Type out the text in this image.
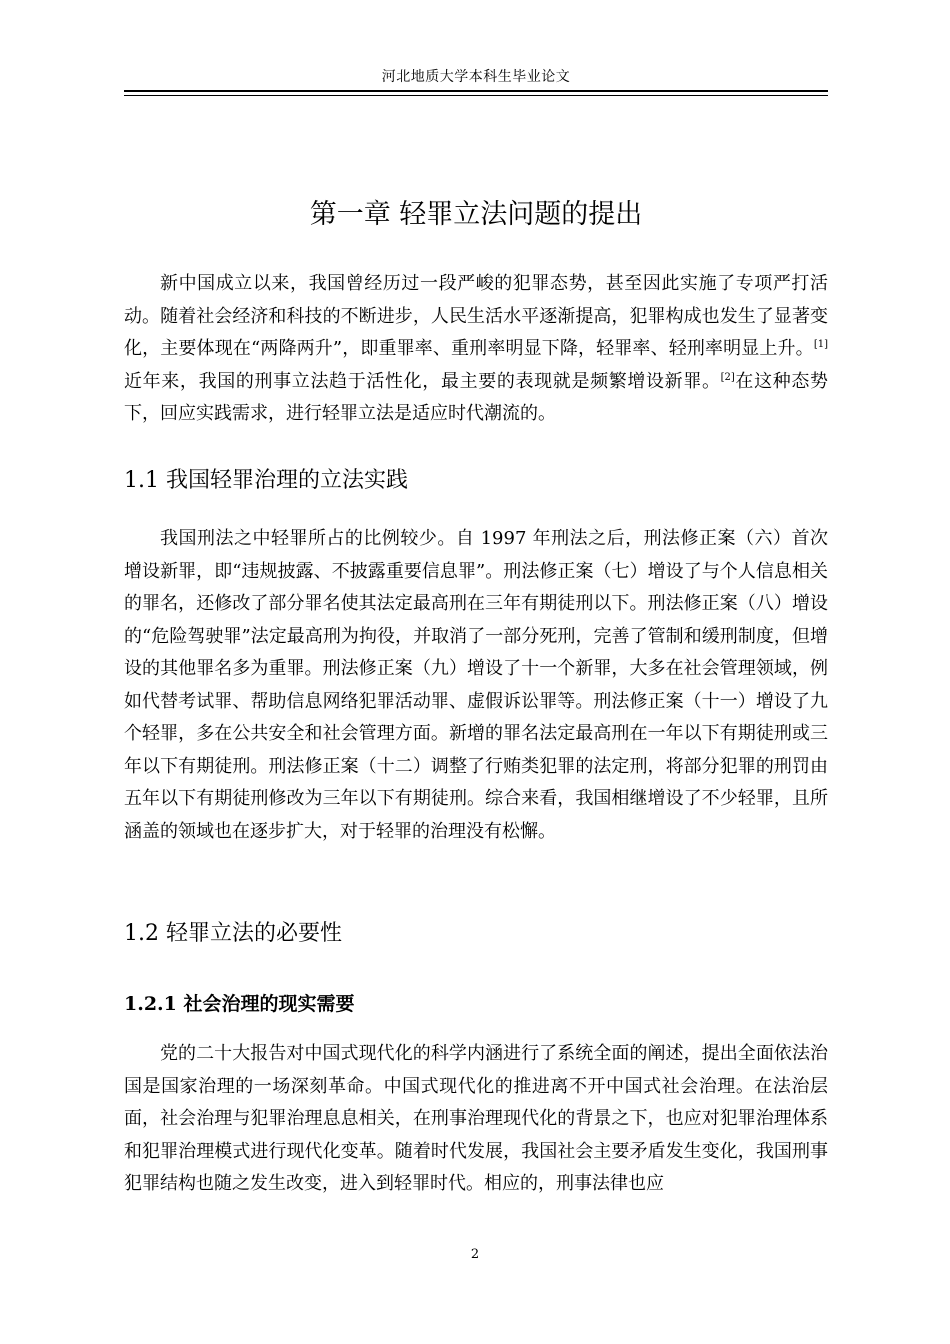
河北地质大学本科生毕业论文
第一章 轻罪立法问题的提出

新中国成立以来，我国曾经历过一段严峻的犯罪态势，甚至因此实施了专项严打活动。随着社会经济和科技的不断进步，人民生活水平逐渐提高，犯罪构成也发生了显著变化，主要体现在“两降两升”，即重罪率、重刑率明显下降，轻罪率、轻刑率明显上升。[1]近年来，我国的刑事立法趋于活性化，最主要的表现就是频繁增设新罪。[2]在这种态势下，回应实践需求，进行轻罪立法是适应时代潮流的。

1.1 我国轻罪治理的立法实践

我国刑法之中轻罪所占的比例较少。自 1997 年刑法之后，刑法修正案（六）首次增设新罪，即“违规披露、不披露重要信息罪”。刑法修正案（七）增设了与个人信息相关的罪名，还修改了部分罪名使其法定最高刑在三年有期徒刑以下。刑法修正案（八）增设的“危险驾驶罪”法定最高刑为拘役，并取消了一部分死刑，完善了管制和缓刑制度，但增设的其他罪名多为重罪。刑法修正案（九）增设了十一个新罪，大多在社会管理领域，例如代替考试罪、帮助信息网络犯罪活动罪、虚假诉讼罪等。刑法修正案（十一）增设了九个轻罪，多在公共安全和社会管理方面。新增的罪名法定最高刑在一年以下有期徒刑或三年以下有期徒刑。刑法修正案（十二）调整了行贿类犯罪的法定刑，将部分犯罪的刑罚由五年以下有期徒刑修改为三年以下有期徒刑。综合来看，我国相继增设了不少轻罪，且所涵盖的领域也在逐步扩大，对于轻罪的治理没有松懈。

1.2 轻罪立法的必要性
1.2.1 社会治理的现实需要

党的二十大报告对中国式现代化的科学内涵进行了系统全面的阐述，提出全面依法治国是国家治理的一场深刻革命。中国式现代化的推进离不开中国式社会治理。在法治层面，社会治理与犯罪治理息息相关，在刑事治理现代化的背景之下，也应对犯罪治理体系和犯罪治理模式进行现代化变革。随着时代发展，我国社会主要矛盾发生变化，我国刑事犯罪结构也随之发生改变，进入到轻罪时代。相应的，刑事法律也应

2
